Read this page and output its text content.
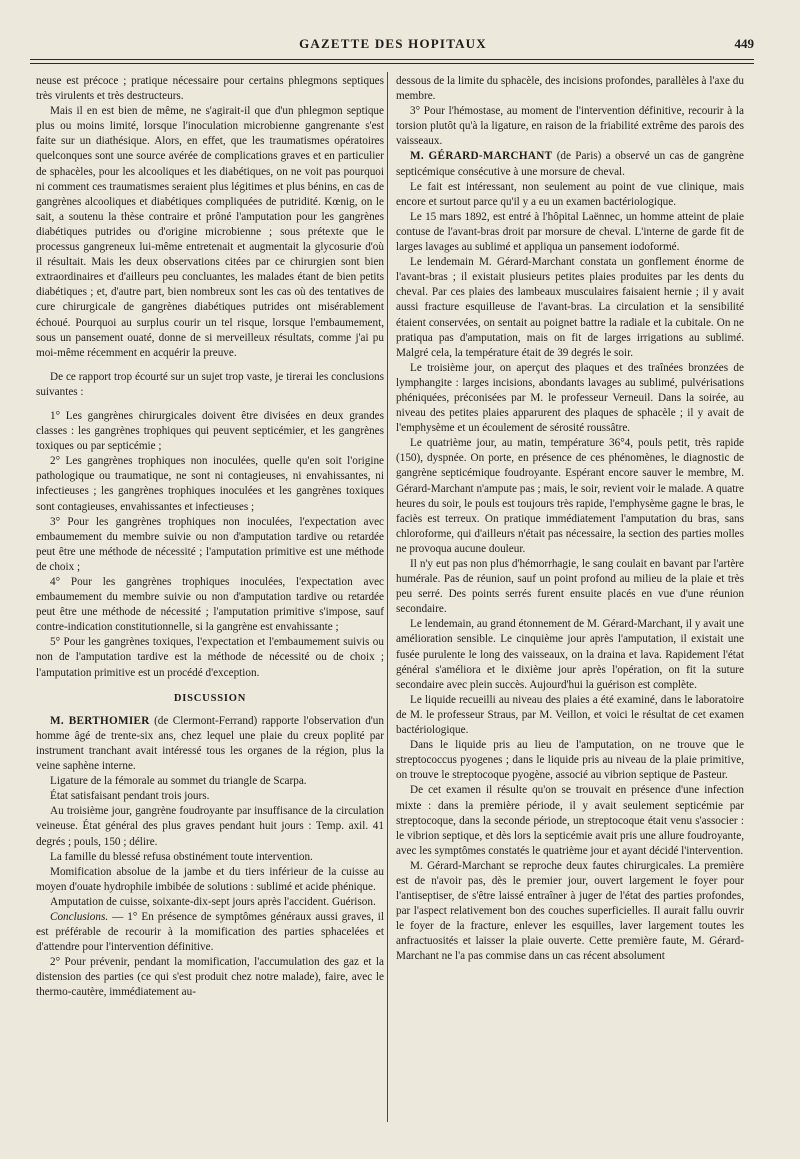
GAZETTE DES HOPITAUX	449

neuse est précoce ; pratique nécessaire pour certains phlegmons septiques très virulents et très destructeurs.

Mais il en est bien de même, ne s'agirait-il que d'un phlegmon septique plus ou moins limité, lorsque l'inoculation microbienne gangrenante s'est faite sur un diathésique. Alors, en effet, que les traumatismes opératoires quelconques sont une source avérée de complications graves et en particulier de sphacèles, pour les alcooliques et les diabétiques, on ne voit pas pourquoi ni comment ces traumatismes seraient plus légitimes et plus bénins, en cas de gangrènes alcooliques et diabétiques compliquées de putridité. Kœnig, on le sait, a soutenu la thèse contraire et prôné l'amputation pour les gangrènes diabétiques putrides ou d'origine microbienne ; sous prétexte que le processus gangreneux lui-même entretenait et augmentait la glycosurie d'où il résultait. Mais les deux observations citées par ce chirurgien sont bien extraordinaires et d'ailleurs peu concluantes, les malades étant de bien petits diabétiques ; et, d'autre part, bien nombreux sont les cas où des tentatives de cure chirurgicale de gangrènes diabétiques putrides ont misérablement échoué. Pourquoi au surplus courir un tel risque, lorsque l'embaumement, sous un pansement ouaté, donne de si merveilleux résultats, comme j'ai pu moi-même récemment en acquérir la preuve.

De ce rapport trop écourté sur un sujet trop vaste, je tirerai les conclusions suivantes :

1° Les gangrènes chirurgicales doivent être divisées en deux grandes classes : les gangrènes trophiques qui peuvent septicémier, et les gangrènes toxiques ou par septicémie ;

2° Les gangrènes trophiques non inoculées, quelle qu'en soit l'origine pathologique ou traumatique, ne sont ni contagieuses, ni envahissantes, ni infectieuses ; les gangrènes trophiques inoculées et les gangrènes toxiques sont contagieuses, envahissantes et infectieuses ;

3° Pour les gangrènes trophiques non inoculées, l'expectation avec embaumement du membre suivie ou non d'amputation tardive ou retardée peut être une méthode de nécessité ; l'amputation primitive est une méthode de choix ;

4° Pour les gangrènes trophiques inoculées, l'expectation avec embaumement du membre suivie ou non d'amputation tardive ou retardée peut être une méthode de nécessité ; l'amputation primitive s'impose, sauf contre-indication constitutionnelle, si la gangrène est envahissante ;

5° Pour les gangrènes toxiques, l'expectation et l'embaumement suivis ou non de l'amputation tardive est la méthode de nécessité ou de choix ; l'amputation primitive est un procédé d'exception.

DISCUSSION

M. BERTHOMIER (de Clermont-Ferrand) rapporte l'observation d'un homme âgé de trente-six ans, chez lequel une plaie du creux poplité par instrument tranchant avait intéressé tous les organes de la région, plus la veine saphène interne.

Ligature de la fémorale au sommet du triangle de Scarpa.

État satisfaisant pendant trois jours.

Au troisième jour, gangrène foudroyante par insuffisance de la circulation veineuse. État général des plus graves pendant huit jours : Temp. axil. 41 degrés ; pouls, 150 ; délire.

La famille du blessé refusa obstinément toute intervention.

Momification absolue de la jambe et du tiers inférieur de la cuisse au moyen d'ouate hydrophile imbibée de solutions : sublimé et acide phénique.

Amputation de cuisse, soixante-dix-sept jours après l'accident. Guérison.

Conclusions. — 1° En présence de symptômes généraux aussi graves, il est préférable de recourir à la momification des parties sphacelées et d'attendre pour l'intervention définitive.

2° Pour prévenir, pendant la momification, l'accumulation des gaz et la distension des parties (ce qui s'est produit chez notre malade), faire, avec le thermo-cautère, immédiatement au-

dessous de la limite du sphacèle, des incisions profondes, parallèles à l'axe du membre.

3° Pour l'hémostase, au moment de l'intervention définitive, recourir à la torsion plutôt qu'à la ligature, en raison de la friabilité extrême des parois des vaisseaux.

M. GÉRARD-MARCHANT (de Paris) a observé un cas de gangrène septicémique consécutive à une morsure de cheval.

Le fait est intéressant, non seulement au point de vue clinique, mais encore et surtout parce qu'il y a eu un examen bactériologique.

Le 15 mars 1892, est entré à l'hôpital Laënnec, un homme atteint de plaie contuse de l'avant-bras droit par morsure de cheval. L'interne de garde fit de larges lavages au sublimé et appliqua un pansement iodoformé.

Le lendemain M. Gérard-Marchant constata un gonflement énorme de l'avant-bras ; il existait plusieurs petites plaies produites par les dents du cheval. Par ces plaies des lambeaux musculaires faisaient hernie ; il y avait aussi fracture esquilleuse de l'avant-bras. La circulation et la sensibilité étaient conservées, on sentait au poignet battre la radiale et la cubitale. On ne pratiqua pas d'amputation, mais on fit de larges irrigations au sublimé. Malgré cela, la température était de 39 degrés le soir.

Le troisième jour, on aperçut des plaques et des traînées bronzées de lymphangite : larges incisions, abondants lavages au sublimé, pulvérisations phéniquées, préconisées par M. le professeur Verneuil. Dans la soirée, au niveau des petites plaies apparurent des plaques de sphacèle ; il y avait de l'emphysème et un écoulement de sérosité roussâtre.

Le quatrième jour, au matin, température 36°4, pouls petit, très rapide (150), dyspnée. On porte, en présence de ces phénomènes, le diagnostic de gangrène septicémique foudroyante. Espérant encore sauver le membre, M. Gérard-Marchant n'ampute pas ; mais, le soir, revient voir le malade. A quatre heures du soir, le pouls est toujours très rapide, l'emphysème gagne le bras, le faciès est terreux. On pratique immédiatement l'amputation du bras, sans chloroforme, qui d'ailleurs n'était pas nécessaire, la section des parties molles ne provoqua aucune douleur.

Il n'y eut pas non plus d'hémorrhagie, le sang coulait en bavant par l'artère humérale. Pas de réunion, sauf un point profond au milieu de la plaie et très peu serré. Des points serrés furent ensuite placés en vue d'une réunion secondaire.

Le lendemain, au grand étonnement de M. Gérard-Marchant, il y avait une amélioration sensible. Le cinquième jour après l'amputation, il existait une fusée purulente le long des vaisseaux, on la draina et lava. Rapidement l'état général s'améliora et le dixième jour après l'opération, on fit la suture secondaire avec plein succès. Aujourd'hui la guérison est complète.

Le liquide recueilli au niveau des plaies a été examiné, dans le laboratoire de M. le professeur Straus, par M. Veillon, et voici le résultat de cet examen bactériologique.

Dans le liquide pris au lieu de l'amputation, on ne trouve que le streptococcus pyogenes ; dans le liquide pris au niveau de la plaie primitive, on trouve le streptocoque pyogène, associé au vibrion septique de Pasteur.

De cet examen il résulte qu'on se trouvait en présence d'une infection mixte : dans la première période, il y avait seulement septicémie par streptocoque, dans la seconde période, un streptocoque était venu s'associer : le vibrion septique, et dès lors la septicémie avait pris une allure foudroyante, avec les symptômes constatés le quatrième jour et ayant décidé l'intervention.

M. Gérard-Marchant se reproche deux fautes chirurgicales. La première est de n'avoir pas, dès le premier jour, ouvert largement le foyer pour l'antiseptiser, de s'être laissé entraîner à juger de l'état des parties profondes, par l'aspect relativement bon des couches superficielles. Il aurait fallu ouvrir le foyer de la fracture, enlever les esquilles, laver largement toutes les anfractuosités et laisser la plaie ouverte. Cette première faute, M. Gérard-Marchant ne l'a pas commise dans un cas récent absolument
